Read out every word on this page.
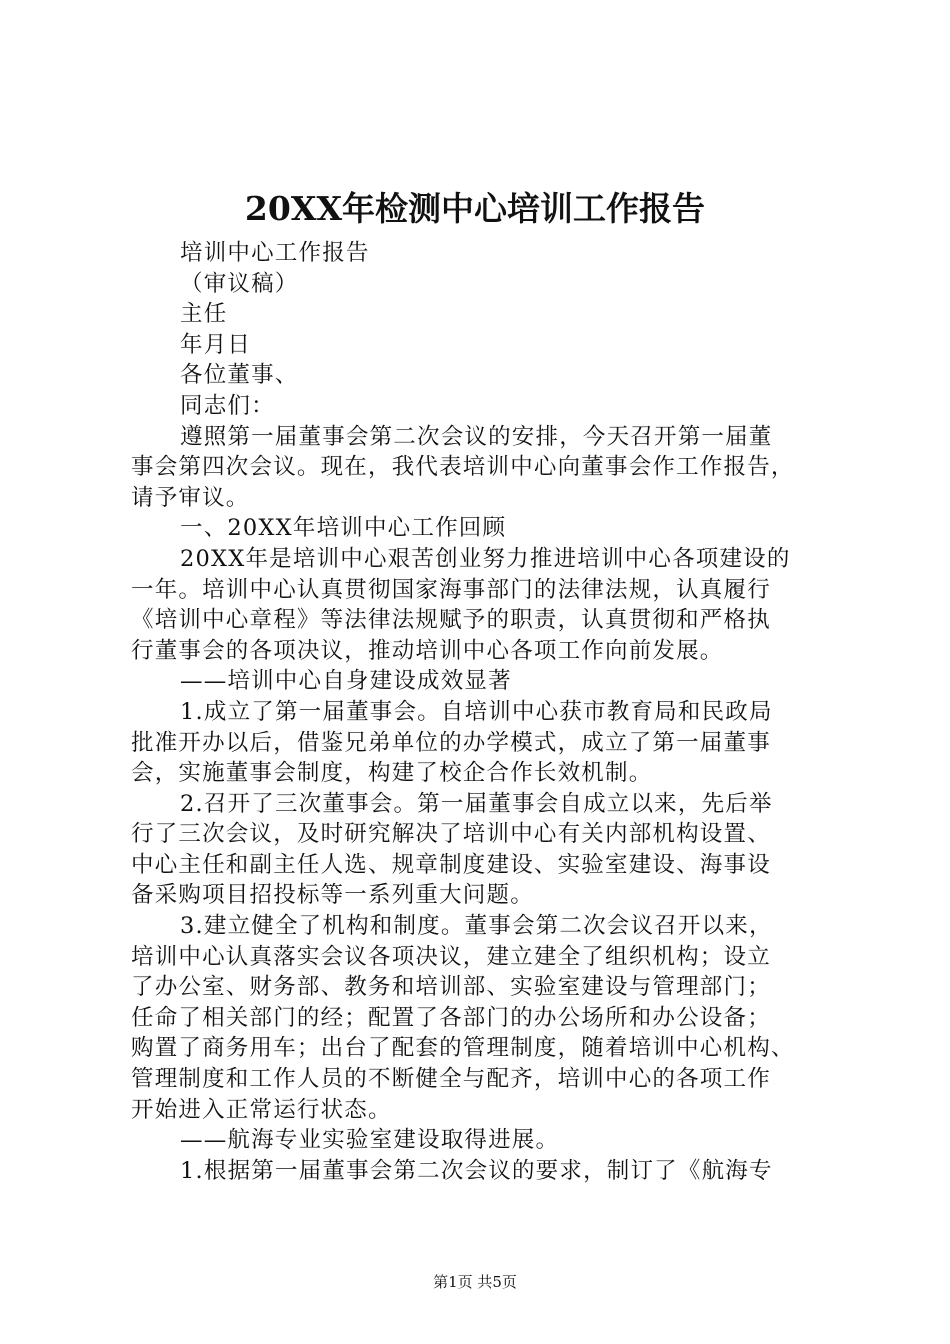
20XX年检测中心培训工作报告
培训中心工作报告
（审议稿）
主任
年月日
各位董事、
同志们：
遵照第一届董事会第二次会议的安排，今天召开第一届董
事会第四次会议。现在，我代表培训中心向董事会作工作报告，
请予审议。
一、20XX年培训中心工作回顾
20XX年是培训中心艰苦创业努力推进培训中心各项建设的
一年。培训中心认真贯彻国家海事部门的法律法规，认真履行
《培训中心章程》等法律法规赋予的职责，认真贯彻和严格执
行董事会的各项决议，推动培训中心各项工作向前发展。
——培训中心自身建设成效显著
1.成立了第一届董事会。自培训中心获市教育局和民政局
批准开办以后，借鉴兄弟单位的办学模式，成立了第一届董事
会，实施董事会制度，构建了校企合作长效机制。
2.召开了三次董事会。第一届董事会自成立以来，先后举
行了三次会议，及时研究解决了培训中心有关内部机构设置、
中心主任和副主任人选、规章制度建设、实验室建设、海事设
备采购项目招投标等一系列重大问题。
3.建立健全了机构和制度。董事会第二次会议召开以来，
培训中心认真落实会议各项决议，建立建全了组织机构；设立
了办公室、财务部、教务和培训部、实验室建设与管理部门；
任命了相关部门的经；配置了各部门的办公场所和办公设备；
购置了商务用车；出台了配套的管理制度，随着培训中心机构、
管理制度和工作人员的不断健全与配齐，培训中心的各项工作
开始进入正常运行状态。
——航海专业实验室建设取得进展。
1.根据第一届董事会第二次会议的要求，制订了《航海专
第1页 共5页
